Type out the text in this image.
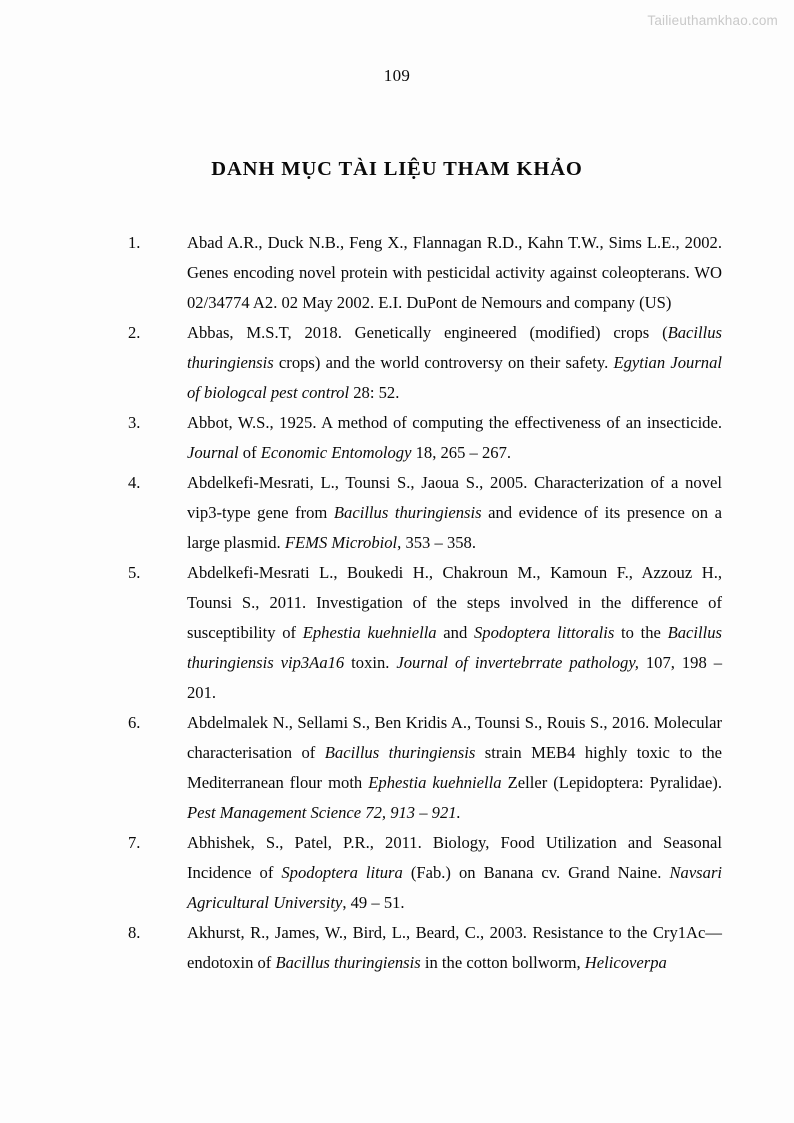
Tailieuthamkhao.com
109
DANH MỤC TÀI LIỆU THAM KHẢO
1.	Abad A.R., Duck N.B., Feng X., Flannagan R.D., Kahn T.W., Sims L.E., 2002. Genes encoding novel protein with pesticidal activity against coleopterans. WO 02/34774 A2. 02 May 2002. E.I. DuPont de Nemours and company (US)
2.	Abbas, M.S.T, 2018. Genetically engineered (modified) crops (Bacillus thuringiensis crops) and the world controversy on their safety. Egytian Journal of biologcal pest control 28: 52.
3.	Abbot, W.S., 1925. A method of computing the effectiveness of an insecticide. Journal of Economic Entomology 18, 265 – 267.
4.	Abdelkefi-Mesrati, L., Tounsi S., Jaoua S., 2005. Characterization of a novel vip3-type gene from Bacillus thuringiensis and evidence of its presence on a large plasmid. FEMS Microbiol, 353 – 358.
5.	Abdelkefi-Mesrati L., Boukedi H., Chakroun M., Kamoun F., Azzouz H., Tounsi S., 2011. Investigation of the steps involved in the difference of susceptibility of Ephestia kuehniella and Spodoptera littoralis to the Bacillus thuringiensis vip3Aa16 toxin. Journal of invertebrrate pathology, 107, 198 – 201.
6.	Abdelmalek N., Sellami S., Ben Kridis A., Tounsi S., Rouis S., 2016. Molecular characterisation of Bacillus thuringiensis strain MEB4 highly toxic to the Mediterranean flour moth Ephestia kuehniella Zeller (Lepidoptera: Pyralidae). Pest Management Science 72, 913 – 921.
7.	Abhishek, S., Patel, P.R., 2011. Biology, Food Utilization and Seasonal Incidence of Spodoptera litura (Fab.) on Banana cv. Grand Naine. Navsari Agricultural University, 49 – 51.
8.	Akhurst, R., James, W., Bird, L., Beard, C., 2003. Resistance to the Cry1Ac—endotoxin of Bacillus thuringiensis in the cotton bollworm, Helicoverpa
